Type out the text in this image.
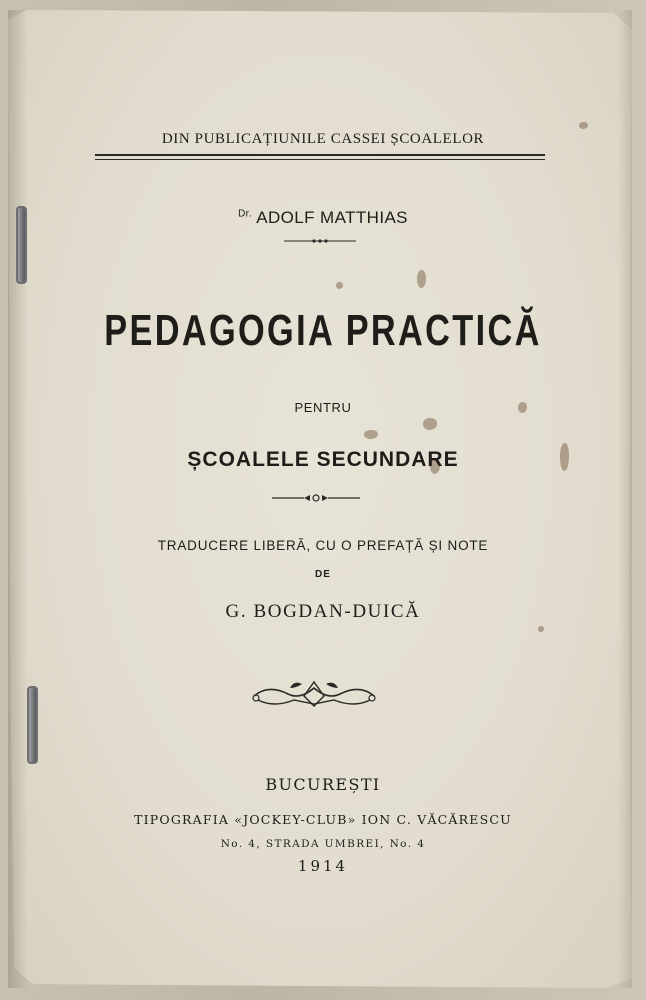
DIN PUBLICAȚIUNILE CASSEI ȘCOALELOR
$^{Dr.}$ ADOLF MATTHIAS
PEDAGOGIA PRACTICĂ
PENTRU
ȘCOALELE SECUNDARE
TRADUCERE LIBERĂ, CU O PREFAȚĂ ȘI NOTE
DE
G. BOGDAN-DUICĂ
BUCUREȘTI
TIPOGRAFIA «JOCKEY-CLUB» ION C. VĂCĂRESCU
No. 4, STRADA UMBREI, No. 4
1914
